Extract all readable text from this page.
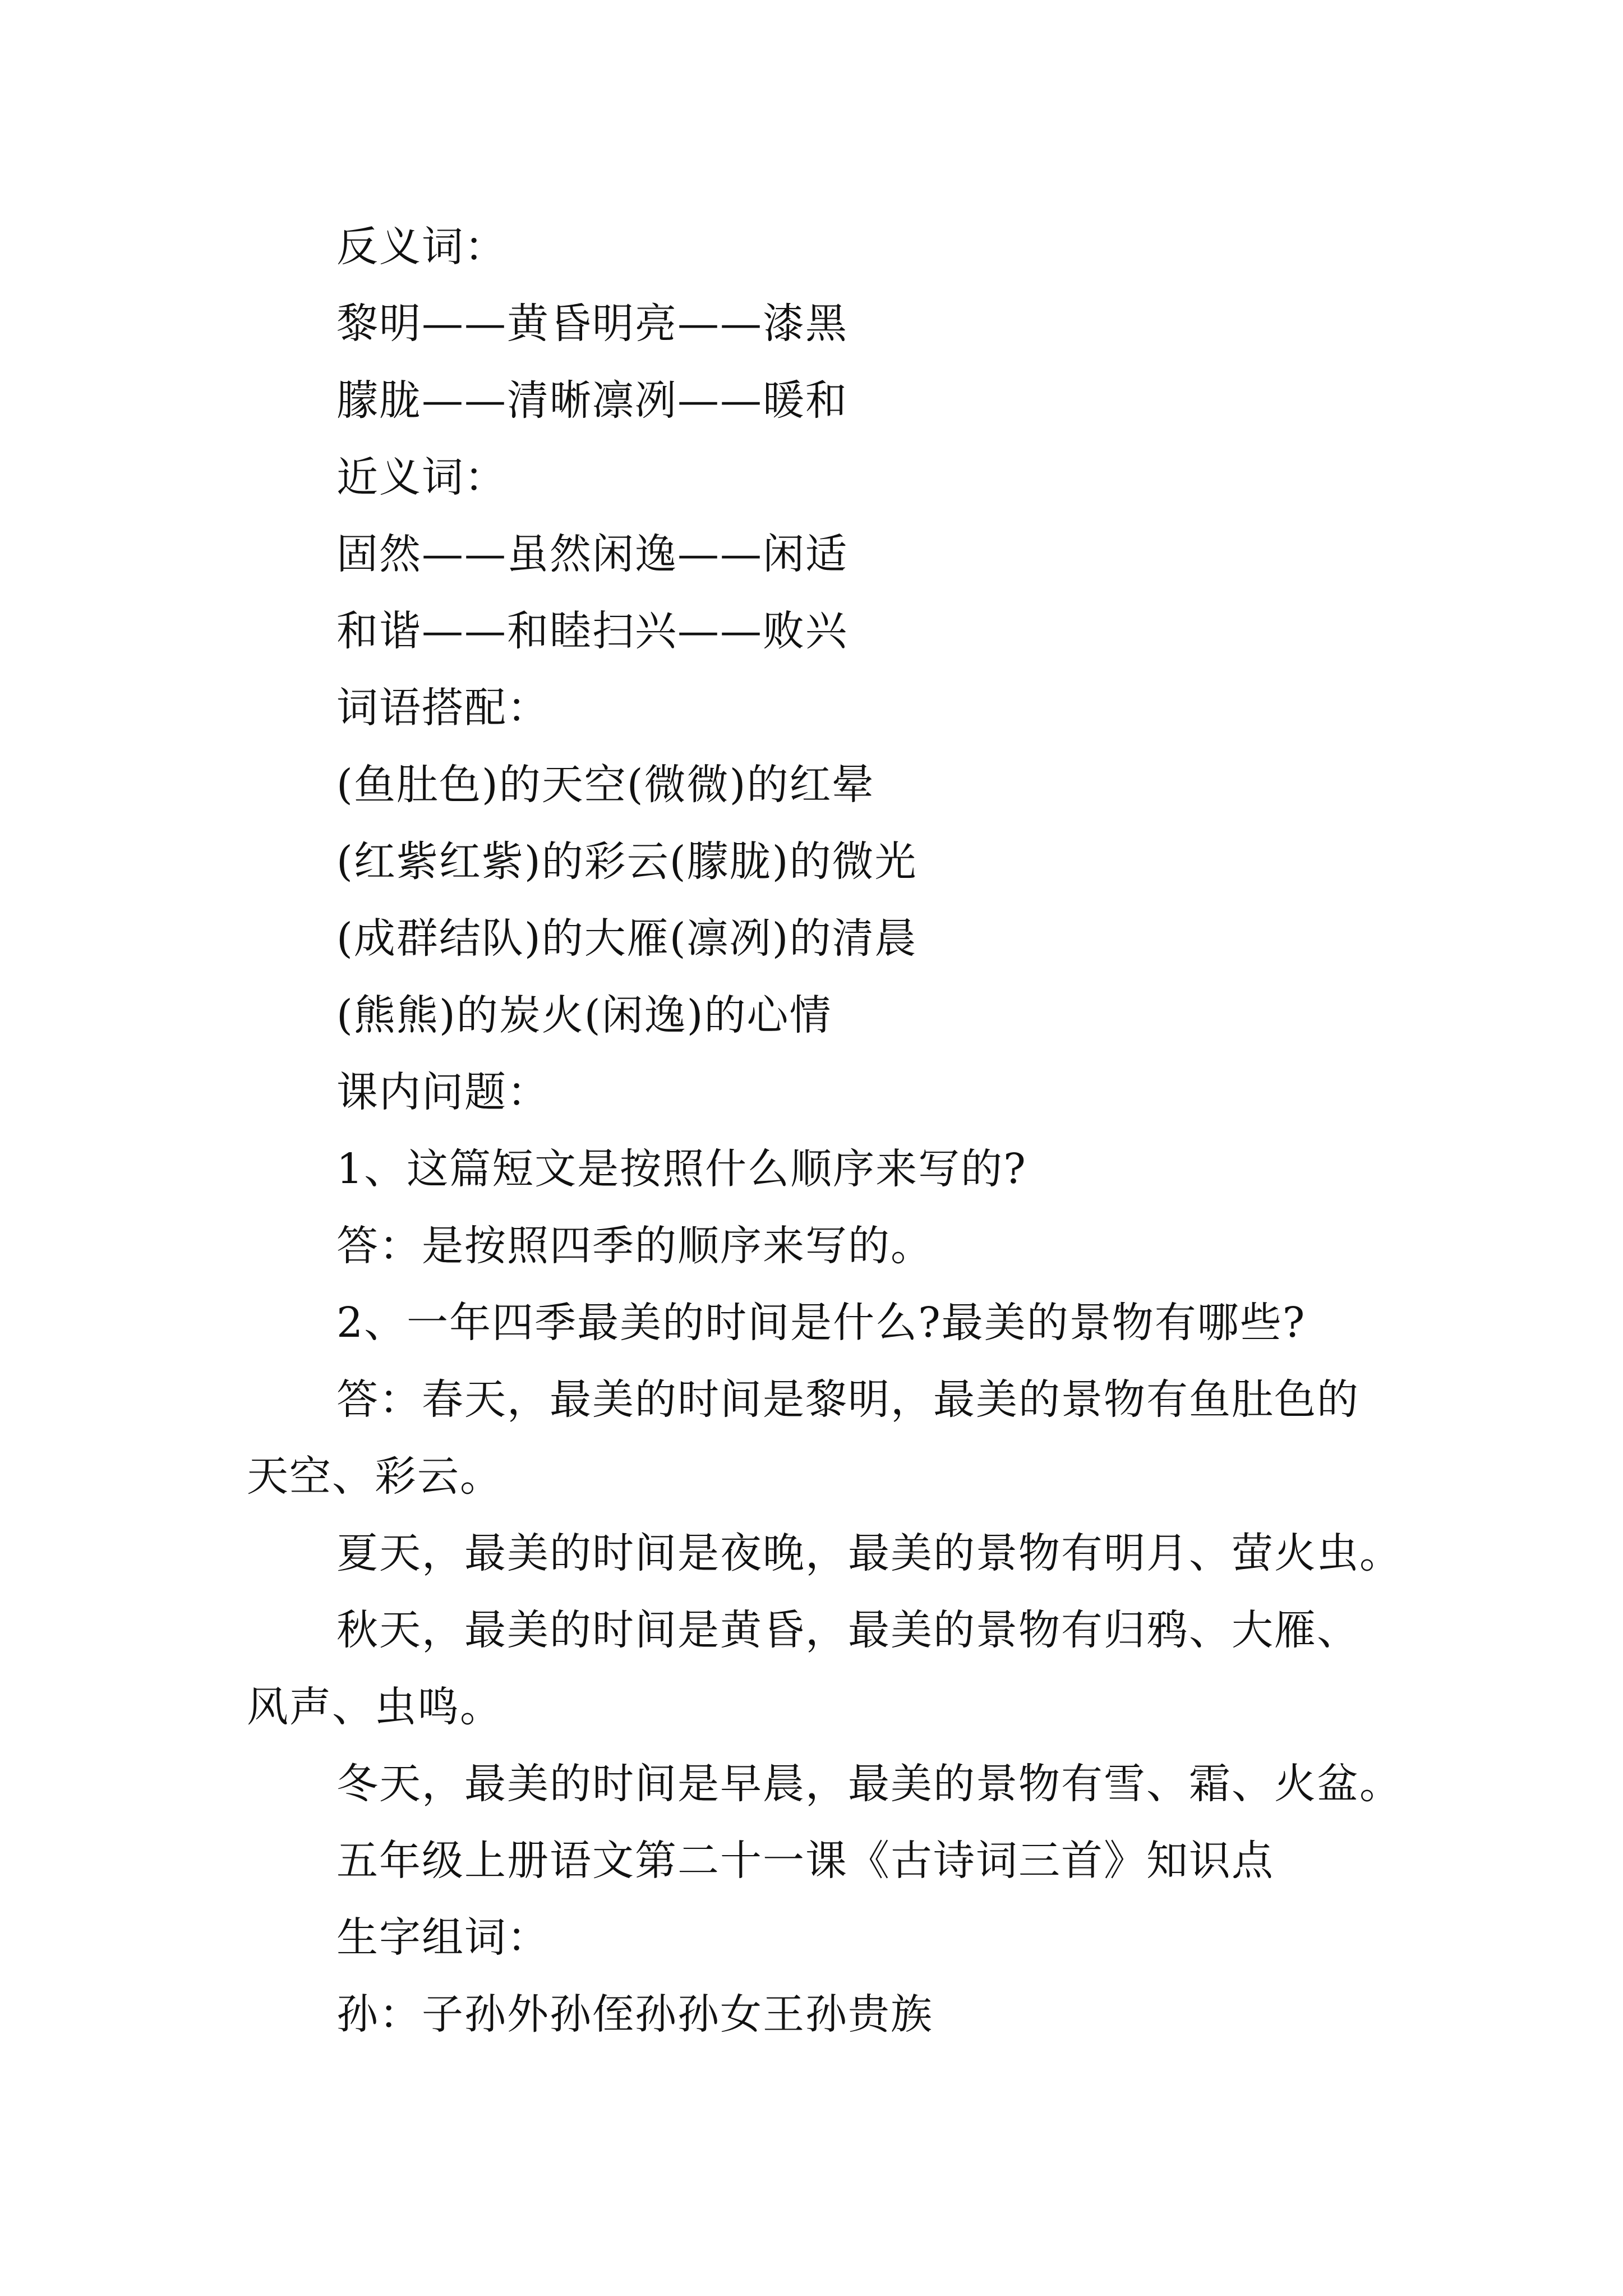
反义词：
黎明——黄昏明亮——漆黑
朦胧——清晰凛冽——暖和
近义词：
固然——虽然闲逸——闲适
和谐——和睦扫兴——败兴
词语搭配：
(鱼肚色)的天空(微微)的红晕
(红紫红紫)的彩云(朦胧)的微光
(成群结队)的大雁(凛冽)的清晨
(熊熊)的炭火(闲逸)的心情
课内问题：
1、这篇短文是按照什么顺序来写的?
答：是按照四季的顺序来写的。
2、一年四季最美的时间是什么?最美的景物有哪些?
答：春天，最美的时间是黎明，最美的景物有鱼肚色的
天空、彩云。
夏天，最美的时间是夜晚，最美的景物有明月、萤火虫。
秋天，最美的时间是黄昏，最美的景物有归鸦、大雁、
风声、虫鸣。
冬天，最美的时间是早晨，最美的景物有雪、霜、火盆。
五年级上册语文第二十一课《古诗词三首》知识点
生字组词：
孙：子孙外孙侄孙孙女王孙贵族
